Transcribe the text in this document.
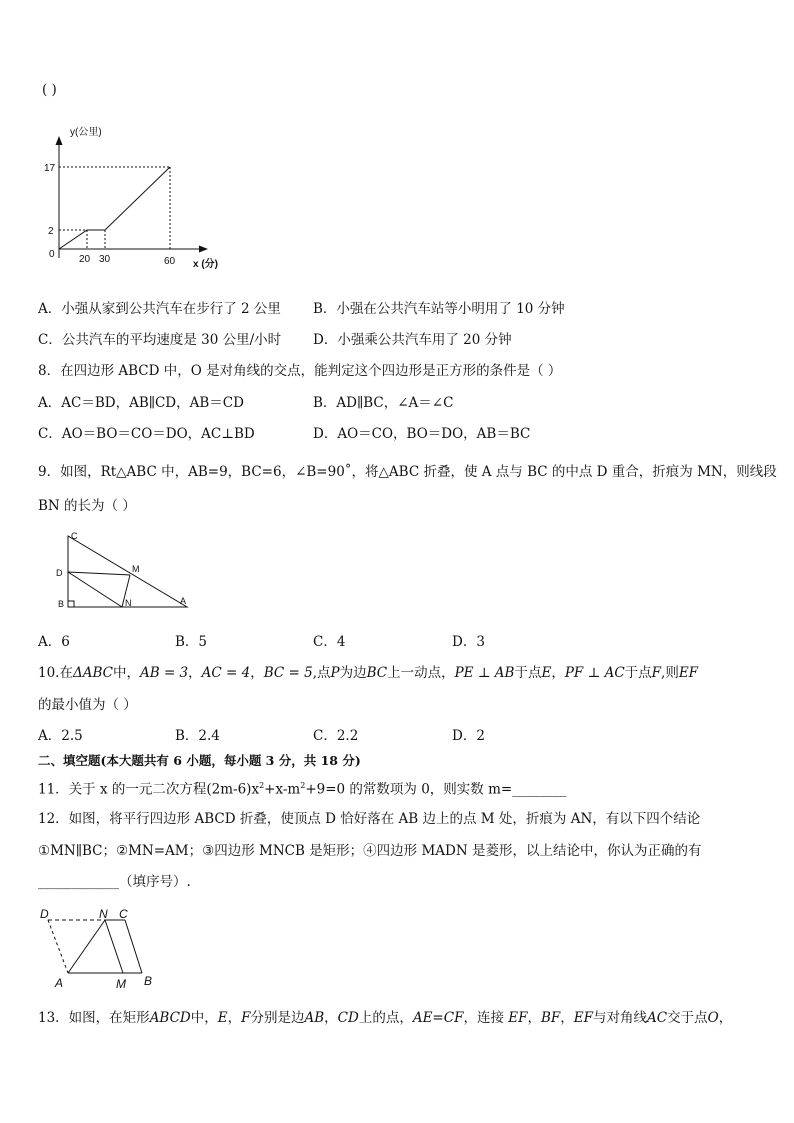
( )
y(公里)
17
2
0 20 30	60 x (分)
A．小强从家到公共汽车在步行了 2 公里 B．小强在公共汽车站等小明用了 10 分钟
C．公共汽车的平均速度是 30 公里/小时 D．小强乘公共汽车用了 20 分钟
8．在四边形 ABCD 中，O 是对角线的交点，能判定这个四边形是正方形的条件是（ ）
A．AC＝BD，AB∥CD，AB＝CD	B．AD∥BC，∠A＝∠C
C．AO＝BO＝CO＝DO，AC⊥BD	D．AO＝CO，BO＝DO，AB＝BC
9．如图，Rt△ABC 中，AB=9，BC=6，∠B=90˚，将△ABC 折叠，使 A 点与 BC 的中点 D 重合，折痕为 MN，则线段
BN 的长为（ ）
C
D	M
B	N	A
A．6	B．5	C．4	D．3
10.在ΔABC中，AB = 3，AC = 4，BC = 5,点P为边BC上一动点，PE ⊥ AB于点E，PF ⊥ AC于点F,则EF
的最小值为（ ）
A．2.5	B．2.4	C．2.2	D．2
二、填空题(本大题共有 6 小题，每小题 3 分，共 18 分)
11．关于 x 的一元二次方程$(2m-6)x^2+x-m^2+9=0$ 的常数项为 0，则实数 m=________
12．如图，将平行四边形 ABCD 折叠，使顶点 D 恰好落在 AB 边上的点 M 处，折痕为 AN，有以下四个结论
①MN∥BC；②MN=AM；③四边形 MNCB 是矩形；④四边形 MADN 是菱形，以上结论中，你认为正确的有
____________（填序号）.
D	N C
A	M B
13．如图，在矩形ABCD中，E，F分别是边AB，CD上的点，AE=CF，连接 EF，BF，EF与对角线AC交于点O，
